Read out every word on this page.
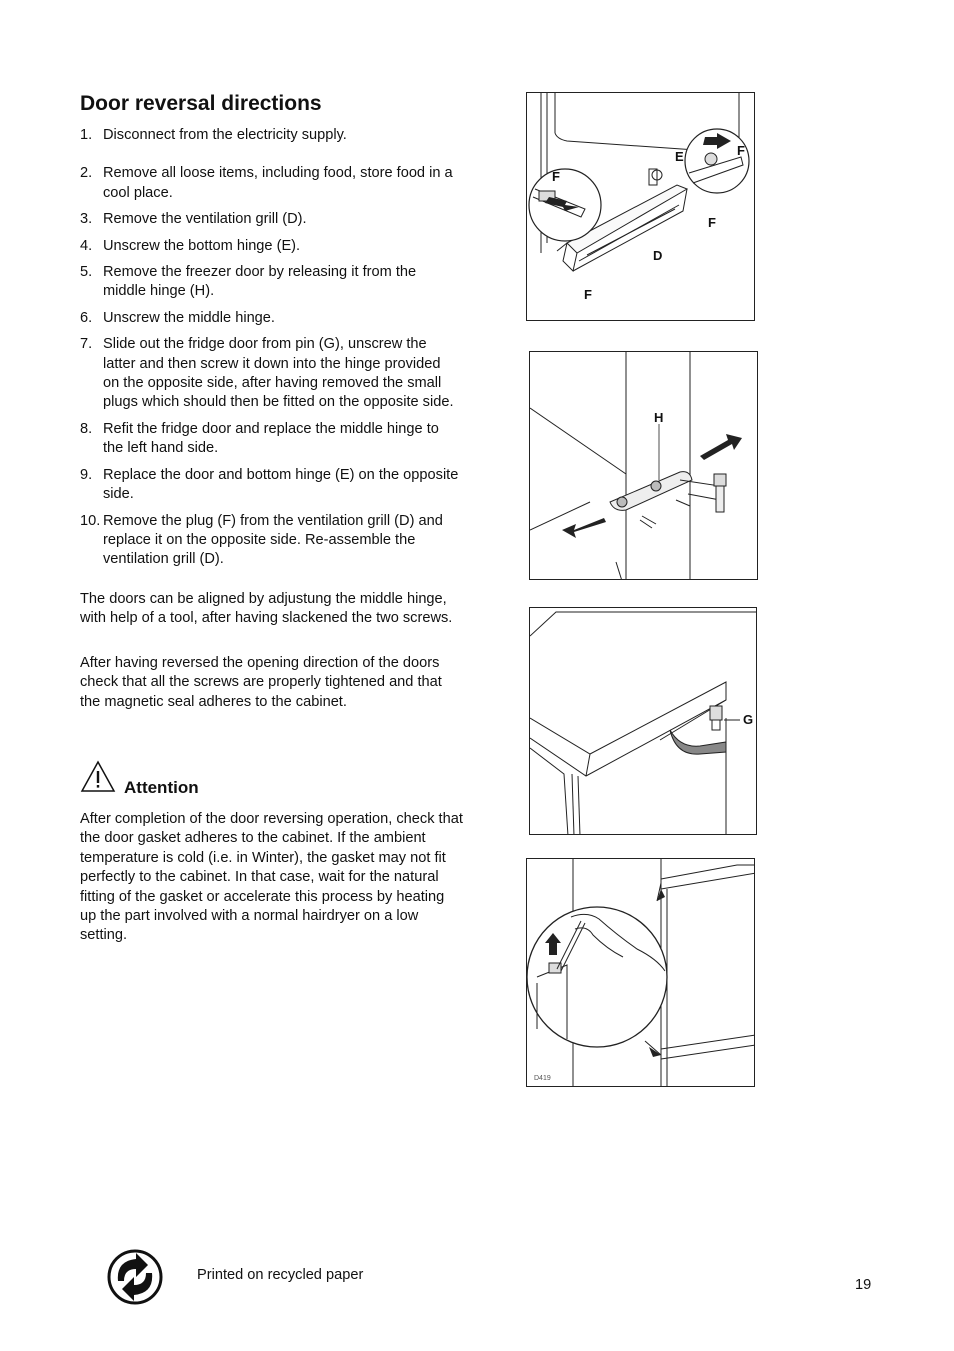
Door reversal directions
1. Disconnect from the electricity supply.
2. Remove all loose items, including food, store food in a cool place.
3. Remove the ventilation grill (D).
4. Unscrew the bottom hinge (E).
5. Remove the freezer door by releasing it from the middle hinge (H).
6. Unscrew the middle hinge.
7. Slide out the fridge door from pin (G), unscrew the latter and then screw it down into the hinge provided on the opposite side, after having removed the small plugs which should then be fitted on the opposite side.
8. Refit the fridge door and replace the middle hinge to the left hand side.
9. Replace the door and bottom hinge (E) on the opposite side.
10. Remove the plug (F) from the ventilation grill (D) and replace it on the opposite side. Re-assemble the ventilation grill (D).

The doors can be aligned by adjustung the middle hinge, with help of a tool, after having slackened the two screws.

After having reversed the opening direction of the doors check that all the screws are properly tightened and that the magnetic seal adheres to the cabinet.

Attention

After completion of the door reversing operation, check that the door gasket adheres to the cabinet. If the ambient temperature is cold (i.e. in Winter), the gasket may not fit perfectly to the cabinet. In that case, wait for the natural fitting of the gasket or accelerate this process by heating up the part involved with a normal hairdryer on a low setting.

E	F
F
F
D
F
H
G
D419
Printed on recycled paper
19
